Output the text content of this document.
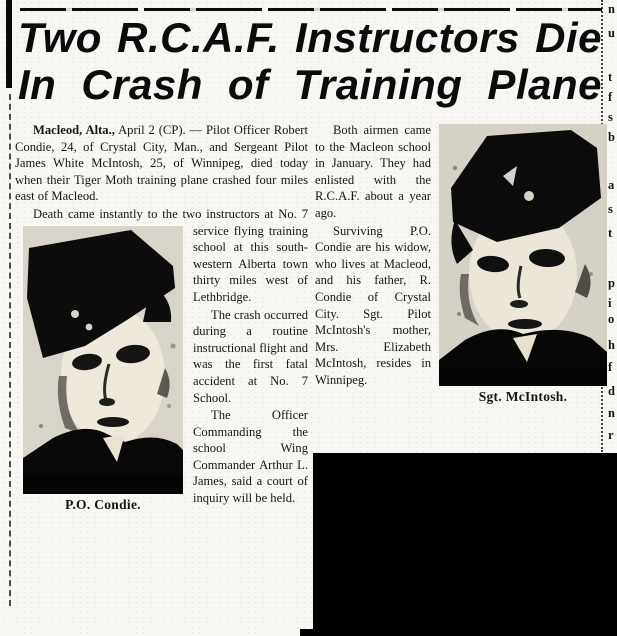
n
u
t
f
s
b
a
s
t
p
i
o
h
f
d
n
r
Two R.C.A.F. Instructors Die
In Crash of Training Plane
Macleod, Alta., April 2 (CP). — Pilot Officer Robert Condie, 24, of Crystal City, Man., and Sergeant Pilot James White McIntosh, 25, of Winnipeg, died today when their Tiger Moth training plane crashed four miles east of Macleod.
Death came instantly to the two instructors at No. 7 service flying
P.O. Condie.
training school at this south-western Alberta town thirty miles west of Lethbridge.
The crash occurred during a routine instructional flight and was the first fatal accident at No. 7 School.
The Officer Commanding the school Wing Commander Arthur L. James, said a court of inquiry will be held.
Sgt. McIntosh.
Both airmen came to the Macleon school in January. They had enlisted with the R.C.A.F. about a year ago.
Surviving P.O. Condie are his widow, who lives at Macleod, and his father, R. Condie of Crystal City. Sgt. Pilot McIntosh's mother, Mrs. Elizabeth McIntosh, resides in Winnipeg.
